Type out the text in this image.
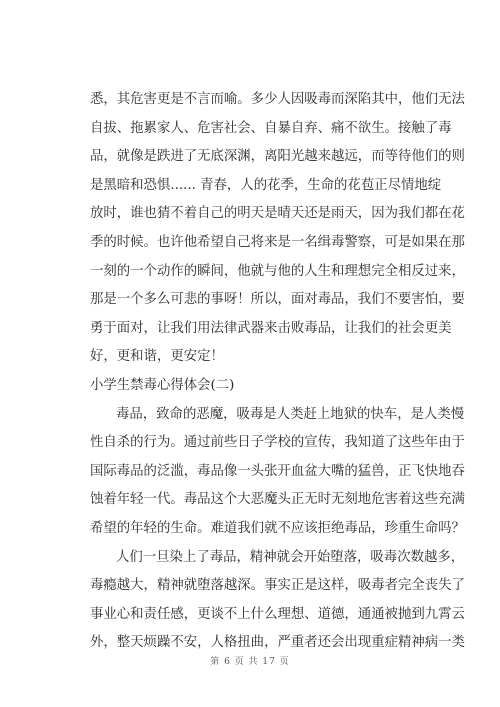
悉，其危害更是不言而喻。多少人因吸毒而深陷其中，他们无法
自拔、拖累家人、危害社会、自暴自弃、痛不欲生。接触了毒
品，就像是跌进了无底深渊，离阳光越来越远，而等待他们的则
是黑暗和恐惧...... 青春，人的花季，生命的花苞正尽情地绽
放时，谁也猜不着自己的明天是晴天还是雨天，因为我们都在花
季的时候。也许他希望自己将来是一名缉毒警察，可是如果在那
一刻的一个动作的瞬间，他就与他的人生和理想完全相反过来，
那是一个多么可悲的事呀！所以，面对毒品，我们不要害怕，要
勇于面对，让我们用法律武器来击败毒品，让我们的社会更美
好，更和谐，更安定！
小学生禁毒心得体会(二)
毒品，致命的恶魔，吸毒是人类赶上地狱的快车，是人类慢
性自杀的行为。通过前些日子学校的宣传，我知道了这些年由于
国际毒品的泛滥，毒品像一头张开血盆大嘴的猛兽，正飞快地吞
蚀着年轻一代。毒品这个大恶魔头正无时无刻地危害着这些充满
希望的年轻的生命。难道我们就不应该拒绝毒品，珍重生命吗？
人们一旦染上了毒品，精神就会开始堕落，吸毒次数越多，
毒瘾越大，精神就堕落越深。事实正是这样，吸毒者完全丧失了
事业心和责任感，更谈不上什么理想、道德，通通被抛到九霄云
外，整天烦躁不安，人格扭曲，严重者还会出现重症精神病一类
第 6 页 共 17 页
